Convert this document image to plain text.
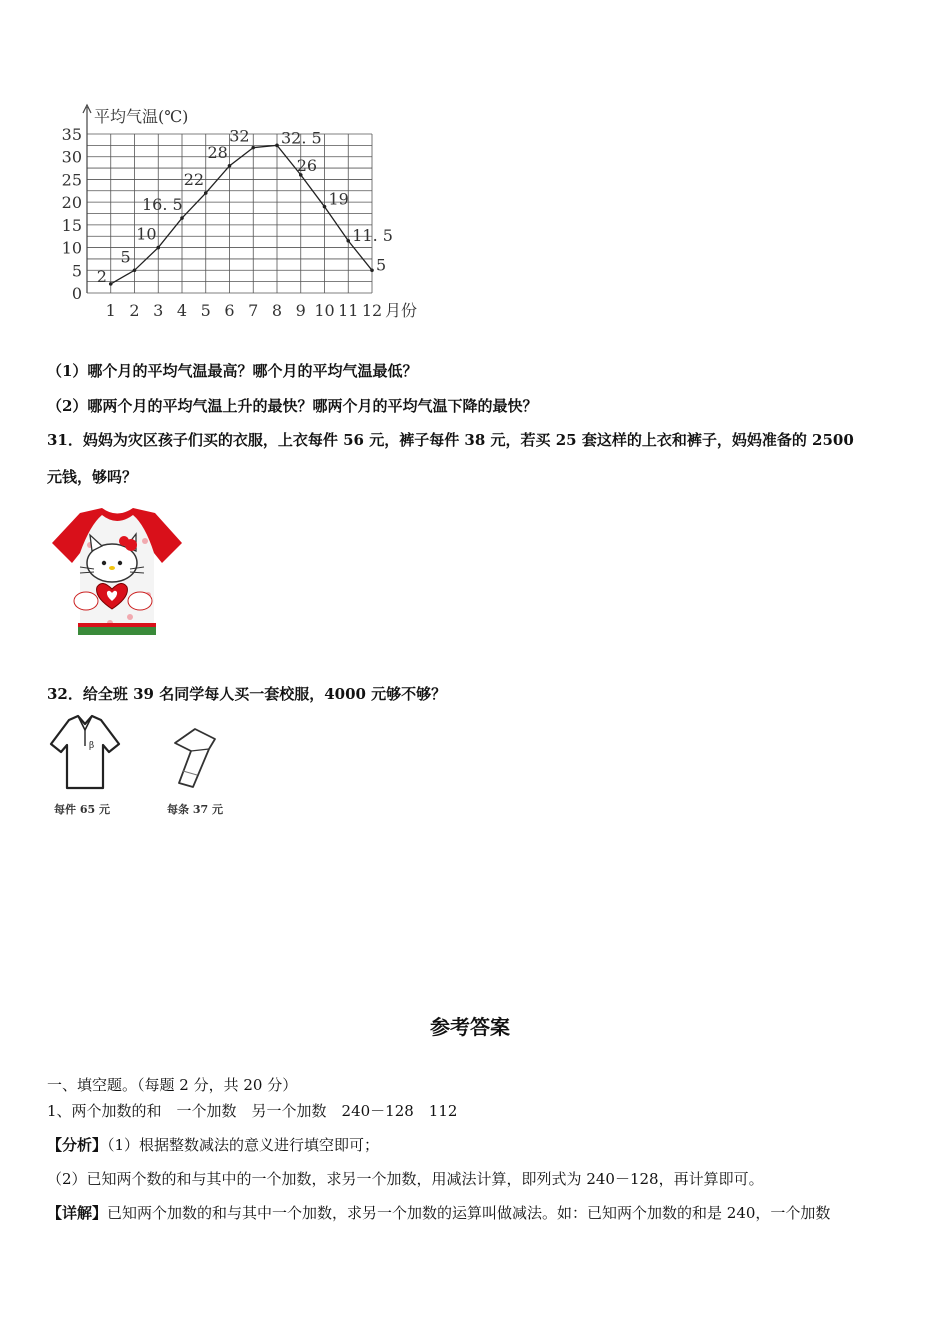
平均气温(℃)
月份
0
5
10
15
20
25
30
35
1 2 3 4 5 6 7 8 9 10 11 12
2
5
10
16. 5
22
28
32 32. 5
26
19
11. 5
5
（1）哪个月的平均气温最高？哪个月的平均气温最低？
（2）哪两个月的平均气温上升的最快？哪两个月的平均气温下降的最快？
31．妈妈为灾区孩子们买的衣服，上衣每件 56 元，裤子每件 38 元，若买 25 套这样的上衣和裤子，妈妈准备的 2500
元钱，够吗？
32．给全班 39 名同学每人买一套校服，4000 元够不够？
β
每件 65 元	每条 37 元
参考答案
一、填空题。（每题 2 分，共 20 分）
1、两个加数的和　一个加数　另一个加数　240－128　112
【分析】（1）根据整数减法的意义进行填空即可；
（2）已知两个数的和与其中的一个加数，求另一个加数，用减法计算，即列式为 240－128，再计算即可。
【详解】已知两个加数的和与其中一个加数，求另一个加数的运算叫做减法。如：已知两个加数的和是 240，一个加数
